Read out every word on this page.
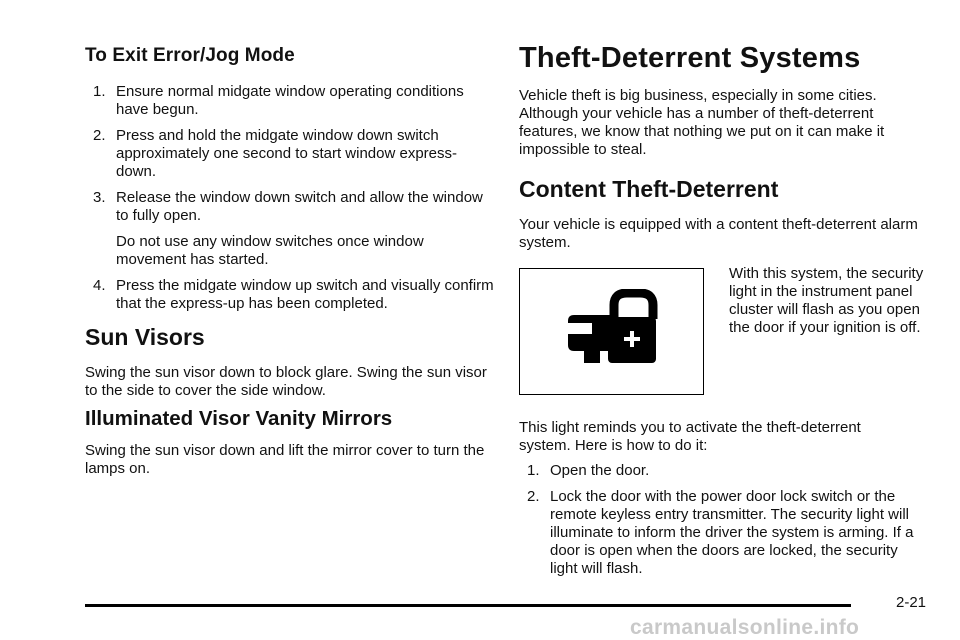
To Exit Error/Jog Mode
1. Ensure normal midgate window operating conditions have begun.
2. Press and hold the midgate window down switch approximately one second to start window express-down.
3. Release the window down switch and allow the window to fully open.
Do not use any window switches once window movement has started.
4. Press the midgate window up switch and visually confirm that the express-up has been completed.
Sun Visors

Swing the sun visor down to block glare. Swing the sun visor to the side to cover the side window.

Illuminated Visor Vanity Mirrors

Swing the sun visor down and lift the mirror cover to turn the lamps on.

Theft-Deterrent Systems

Vehicle theft is big business, especially in some cities. Although your vehicle has a number of theft-deterrent features, we know that nothing we put on it can make it impossible to steal.

Content Theft-Deterrent

Your vehicle is equipped with a content theft-deterrent alarm system.

This light reminds you to activate the theft-deterrent system. Here is how to do it:

1. Open the door.
2. Lock the door with the power door lock switch or the remote keyless entry transmitter. The security light will illuminate to inform the driver the system is arming. If a door is open when the doors are locked, the security light will flash.

With this system, the security light in the instrument panel cluster will flash as you open the door if your ignition is off.

2-21
carmanualsonline.info
